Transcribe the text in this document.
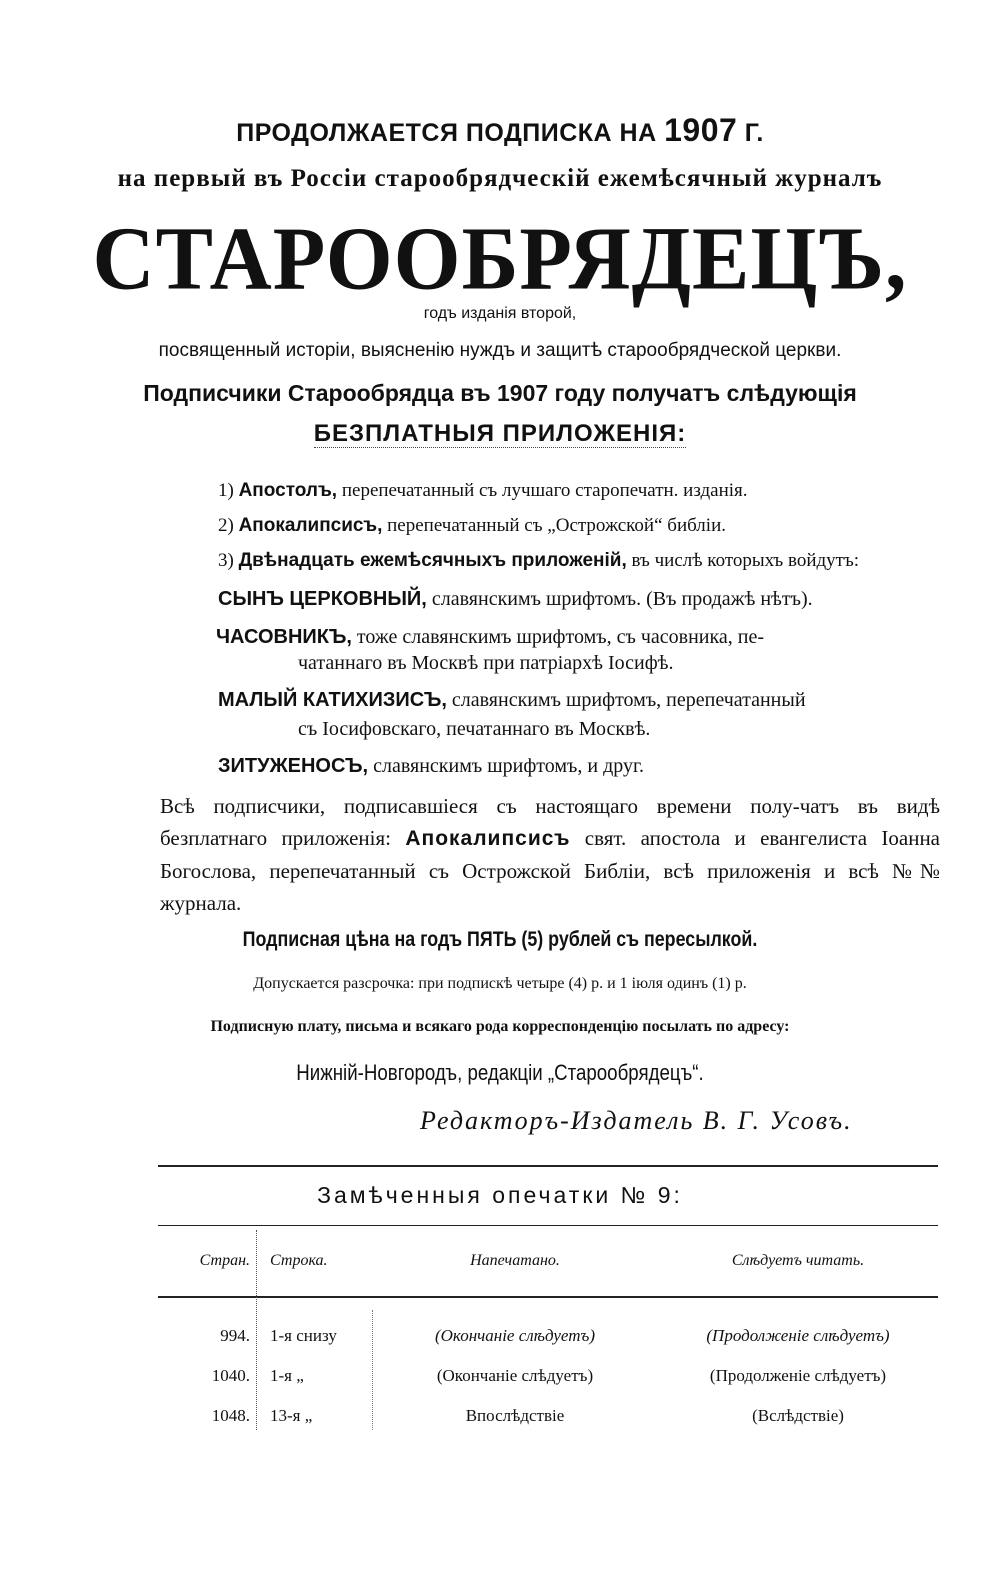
ПРОДОЛЖАЕТСЯ ПОДПИСКА НА 1907 Г.
на первый въ Россіи старообрядческій ежемѣсячный журналъ
СТАРООБРЯДЕЦЪ,
годъ изданія второй,
посвященный исторіи, выясненію нуждъ и защитѣ старообрядческой церкви.
Подписчики Старообрядца въ 1907 году получатъ слѣдующія
БЕЗПЛАТНЫЯ ПРИЛОЖЕНІЯ:
1) Апостолъ, перепечатанный съ лучшаго старопечатн. изданія.
2) Апокалипсисъ, перепечатанный съ „Острожской“ библіи.
3) Двѣнадцать ежемѣсячныхъ приложеній, въ числѣ которыхъ войдутъ:
СЫНЪ ЦЕРКОВНЫЙ, славянскимъ шрифтомъ. (Въ продажѣ нѣтъ).
ЧАСОВНИКЪ, тоже славянскимъ шрифтомъ, съ часовника, пе-
чатаннаго въ Москвѣ при патріархѣ Іосифѣ.
МАЛЫЙ КАТИХИЗИСЪ, славянскимъ шрифтомъ, перепечатанный
съ Іосифовскаго, печатаннаго въ Москвѣ.
ЗИТУЖЕНОСЪ, славянскимъ шрифтомъ, и друг.
Всѣ подписчики, подписавшіеся съ настоящаго времени полу-чатъ въ видѣ безплатнаго приложенія: Апокалипсисъ свят. апостола и евангелиста Іоанна Богослова, перепечатанный съ Острожской Библіи, всѣ приложенія и всѣ №№ журнала.
Подписная цѣна на годъ ПЯТЬ (5) рублей съ пересылкой.
Допускается разсрочка: при подпискѣ четыре (4) р. и 1 іюля одинъ (1) р.
Подписную плату, письма и всякаго рода корреспонденцію посылать по адресу:
Нижній-Новгородъ, редакціи „Старообрядецъ“.
Редакторъ-Издатель В. Г. Усовъ.
Замѣченныя опечатки № 9:
Стран. Строка.	Напечатано.	Слѣдуетъ читать.
994. 1-я снизу	(Окончаніе слѣдуетъ)	(Продолженіе слѣдуетъ)
1040. 1-я „	(Окончаніе слѣдуетъ)	(Продолженіе слѣдуетъ)
1048. 13-я „	Впослѣдствіе	(Вслѣдствіе)
